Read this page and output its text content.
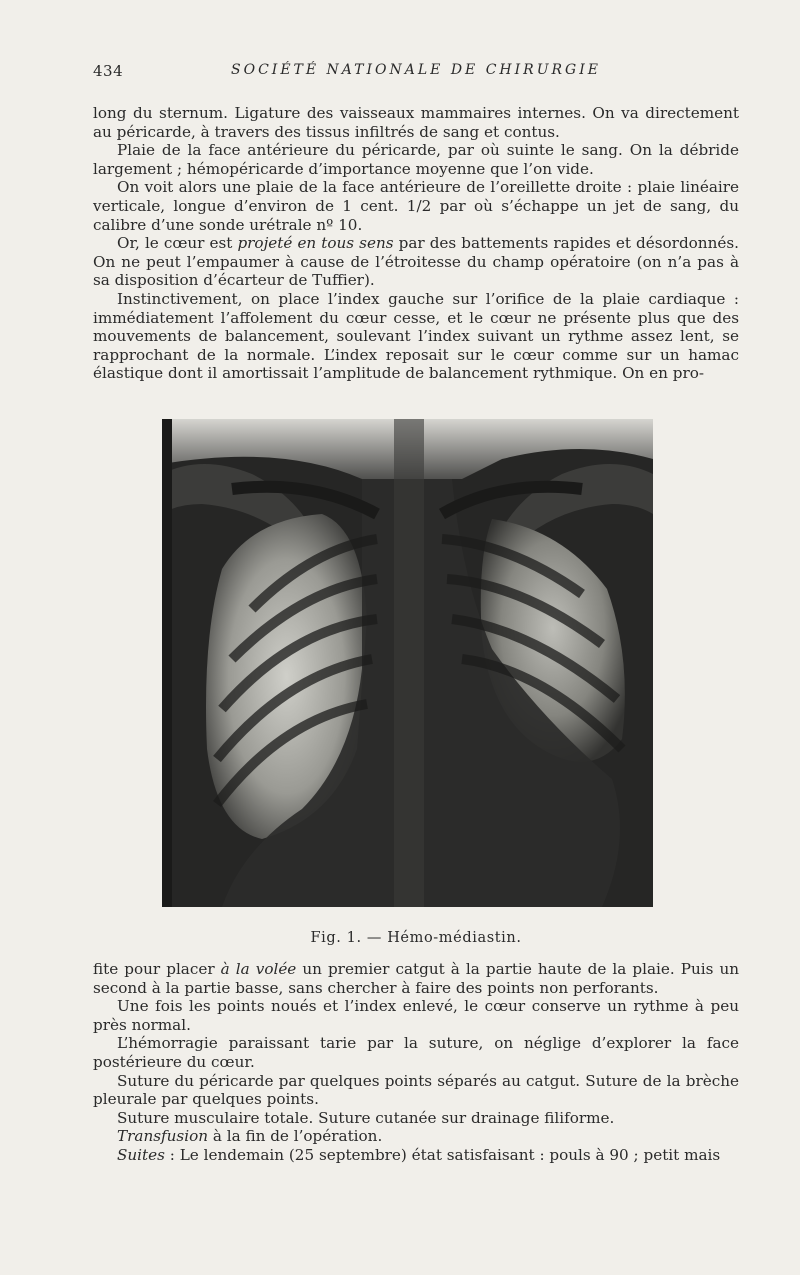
434	SOCIÉTÉ NATIONALE DE CHIRURGIE

long du sternum. Ligature des vaisseaux mammaires internes. On va directement au péricarde, à travers des tissus infiltrés de sang et contus.

Plaie de la face antérieure du péricarde, par où suinte le sang. On la débride largement ; hémopéricarde d’importance moyenne que l’on vide.

On voit alors une plaie de la face antérieure de l’oreillette droite : plaie linéaire verticale, longue d’environ de 1 cent. 1/2 par où s’échappe un jet de sang, du calibre d’une sonde urétrale nº 10.

Or, le cœur est projeté en tous sens par des battements rapides et désordonnés. On ne peut l’empaumer à cause de l’étroitesse du champ opératoire (on n’a pas à sa disposition d’écarteur de Tuffier).

Instinctivement, on place l’index gauche sur l’orifice de la plaie cardiaque : immédiatement l’affolement du cœur cesse, et le cœur ne présente plus que des mouvements de balancement, soulevant l’index suivant un rythme assez lent, se rapprochant de la normale. L’index reposait sur le cœur comme sur un hamac élastique dont il amortissait l’amplitude de balancement rythmique. On en pro-

Fig. 1. — Hémo-médiastin.

fite pour placer à la volée un premier catgut à la partie haute de la plaie. Puis un second à la partie basse, sans chercher à faire des points non perforants.

Une fois les points noués et l’index enlevé, le cœur conserve un rythme à peu près normal.

L’hémorragie paraissant tarie par la suture, on néglige d’explorer la face postérieure du cœur.

Suture du péricarde par quelques points séparés au catgut. Suture de la brèche pleurale par quelques points.

Suture musculaire totale. Suture cutanée sur drainage filiforme.

Transfusion à la fin de l’opération.

Suites : Le lendemain (25 septembre) état satisfaisant : pouls à 90 ; petit mais
